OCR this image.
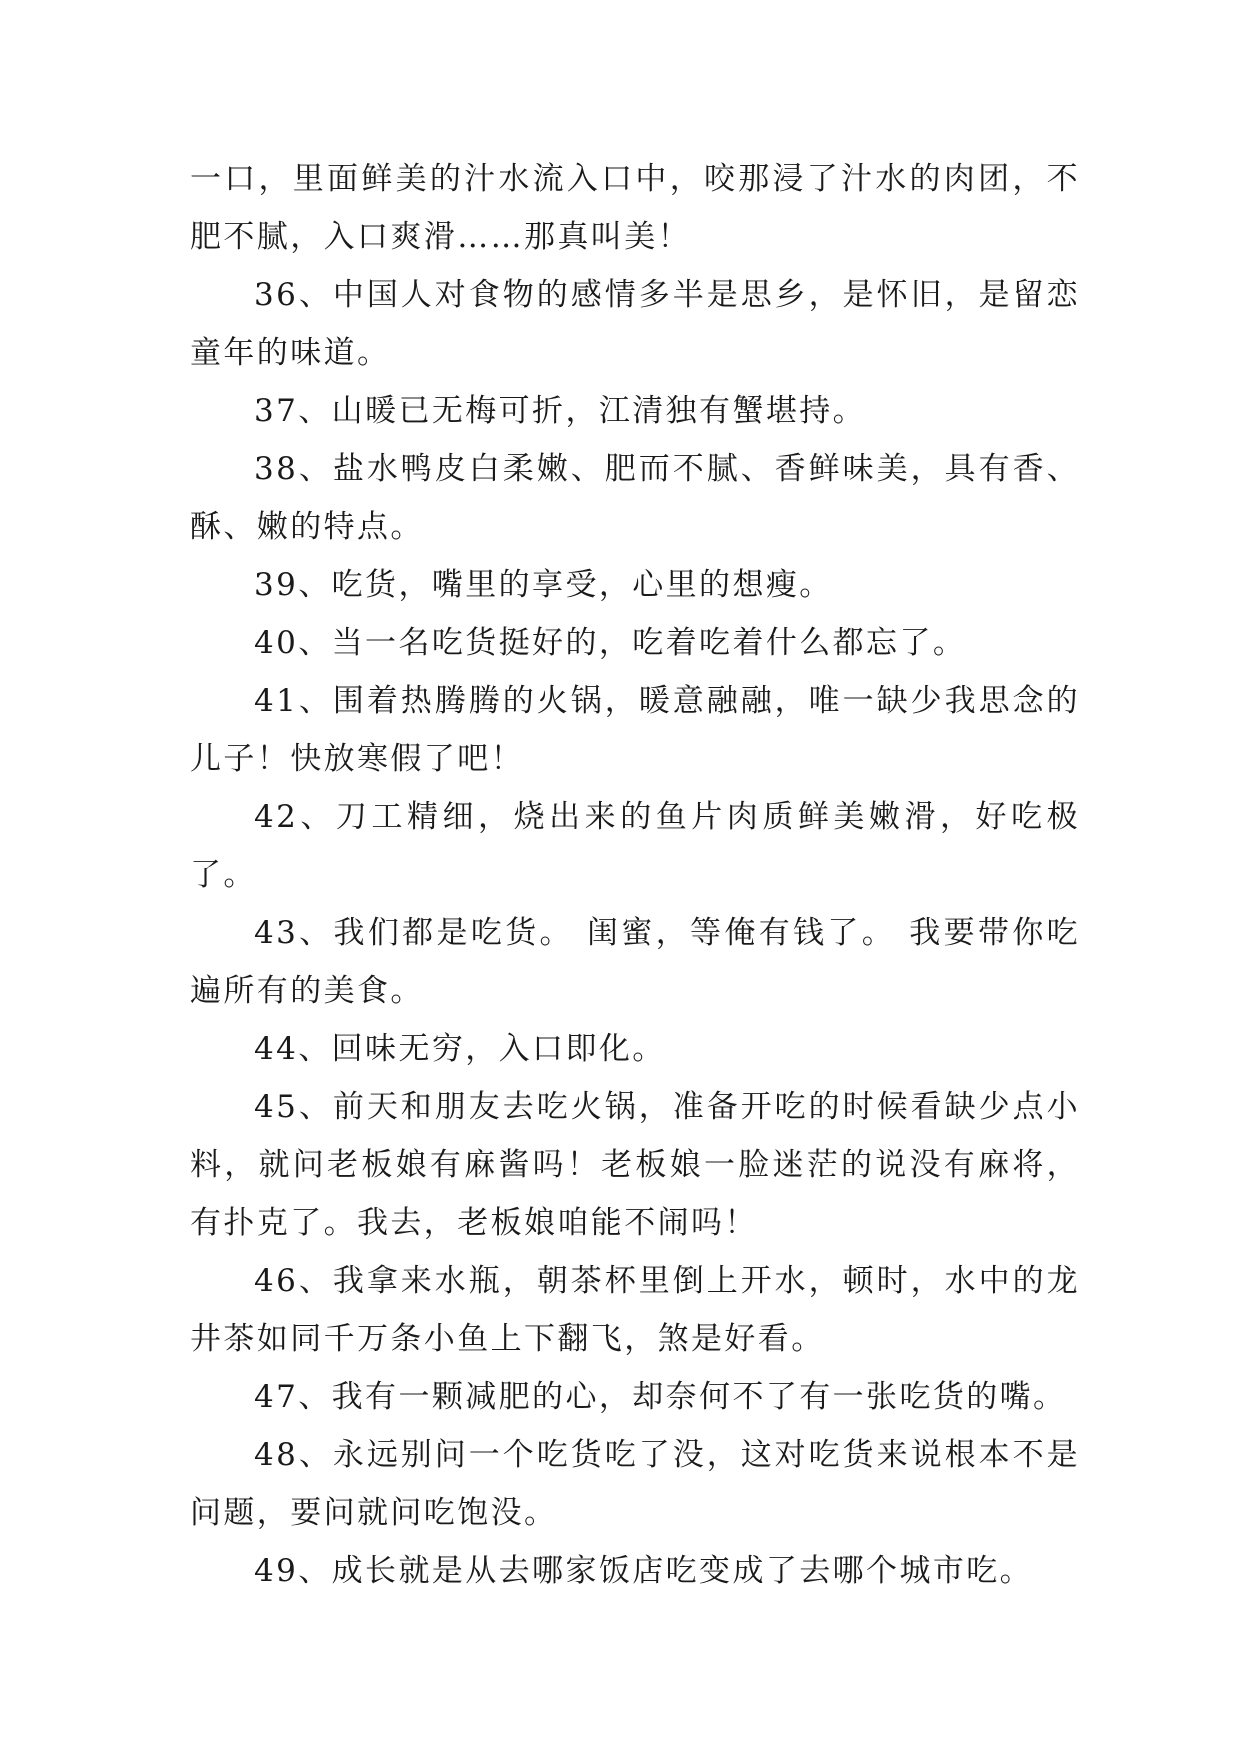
一口，里面鲜美的汁水流入口中，咬那浸了汁水的肉团，不肥不腻，入口爽滑……那真叫美！

36、中国人对食物的感情多半是思乡，是怀旧，是留恋童年的味道。

37、山暖已无梅可折，江清独有蟹堪持。

38、盐水鸭皮白柔嫩、肥而不腻、香鲜味美，具有香、酥、嫩的特点。

39、吃货，嘴里的享受，心里的想瘦。

40、当一名吃货挺好的，吃着吃着什么都忘了。

41、围着热腾腾的火锅，暖意融融，唯一缺少我思念的儿子！快放寒假了吧！

42、刀工精细，烧出来的鱼片肉质鲜美嫩滑，好吃极了。

43、我们都是吃货。 闺蜜，等俺有钱了。 我要带你吃遍所有的美食。

44、回味无穷，入口即化。

45、前天和朋友去吃火锅，准备开吃的时候看缺少点小料，就问老板娘有麻酱吗！老板娘一脸迷茫的说没有麻将，有扑克了。我去，老板娘咱能不闹吗！

46、我拿来水瓶，朝茶杯里倒上开水，顿时，水中的龙井茶如同千万条小鱼上下翻飞，煞是好看。

47、我有一颗减肥的心，却奈何不了有一张吃货的嘴。

48、永远别问一个吃货吃了没，这对吃货来说根本不是问题，要问就问吃饱没。

49、成长就是从去哪家饭店吃变成了去哪个城市吃。
